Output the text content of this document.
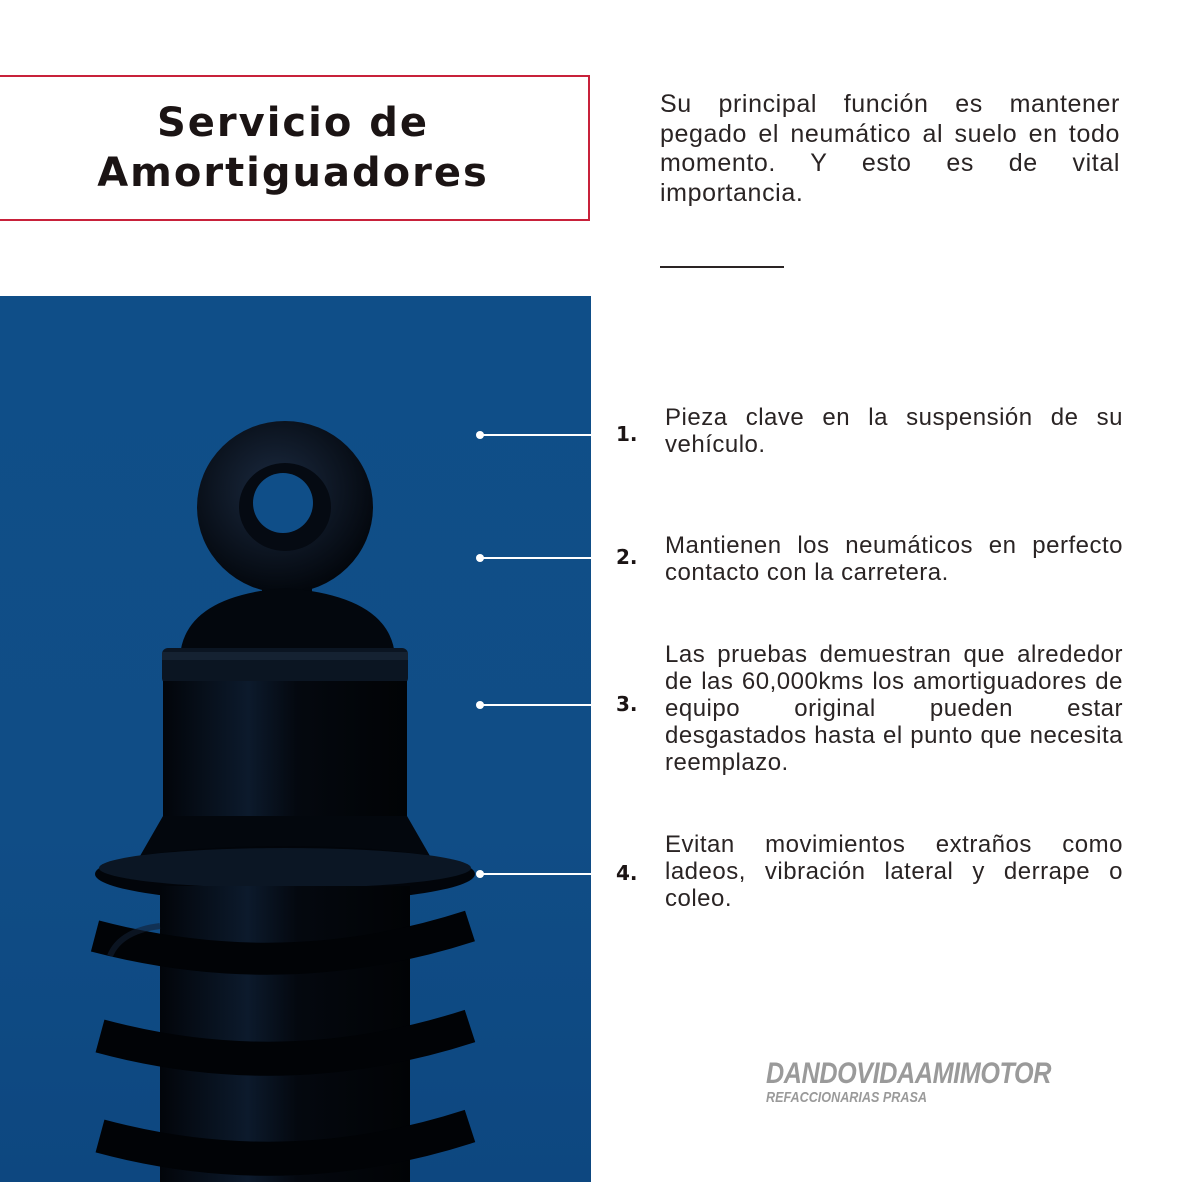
Servicio de
Amortiguadores

Su principal función es mantener pegado el neumático al suelo en todo momento. Y esto es de vital importancia.

1.

Pieza clave en la suspensión de su vehículo.

2. Mantienen los neumáticos en perfecto contacto con la carretera.

3.

Las pruebas demuestran que alrededor de las 60,000kms los amortiguadores de equipo original pueden estar desgastados hasta el punto que necesita reemplazo.

4.

Evitan movimientos extraños como ladeos, vibración lateral y derrape o coleo.

DANDOVIDAAMIMOTOR
REFACCIONARIAS PRASA
